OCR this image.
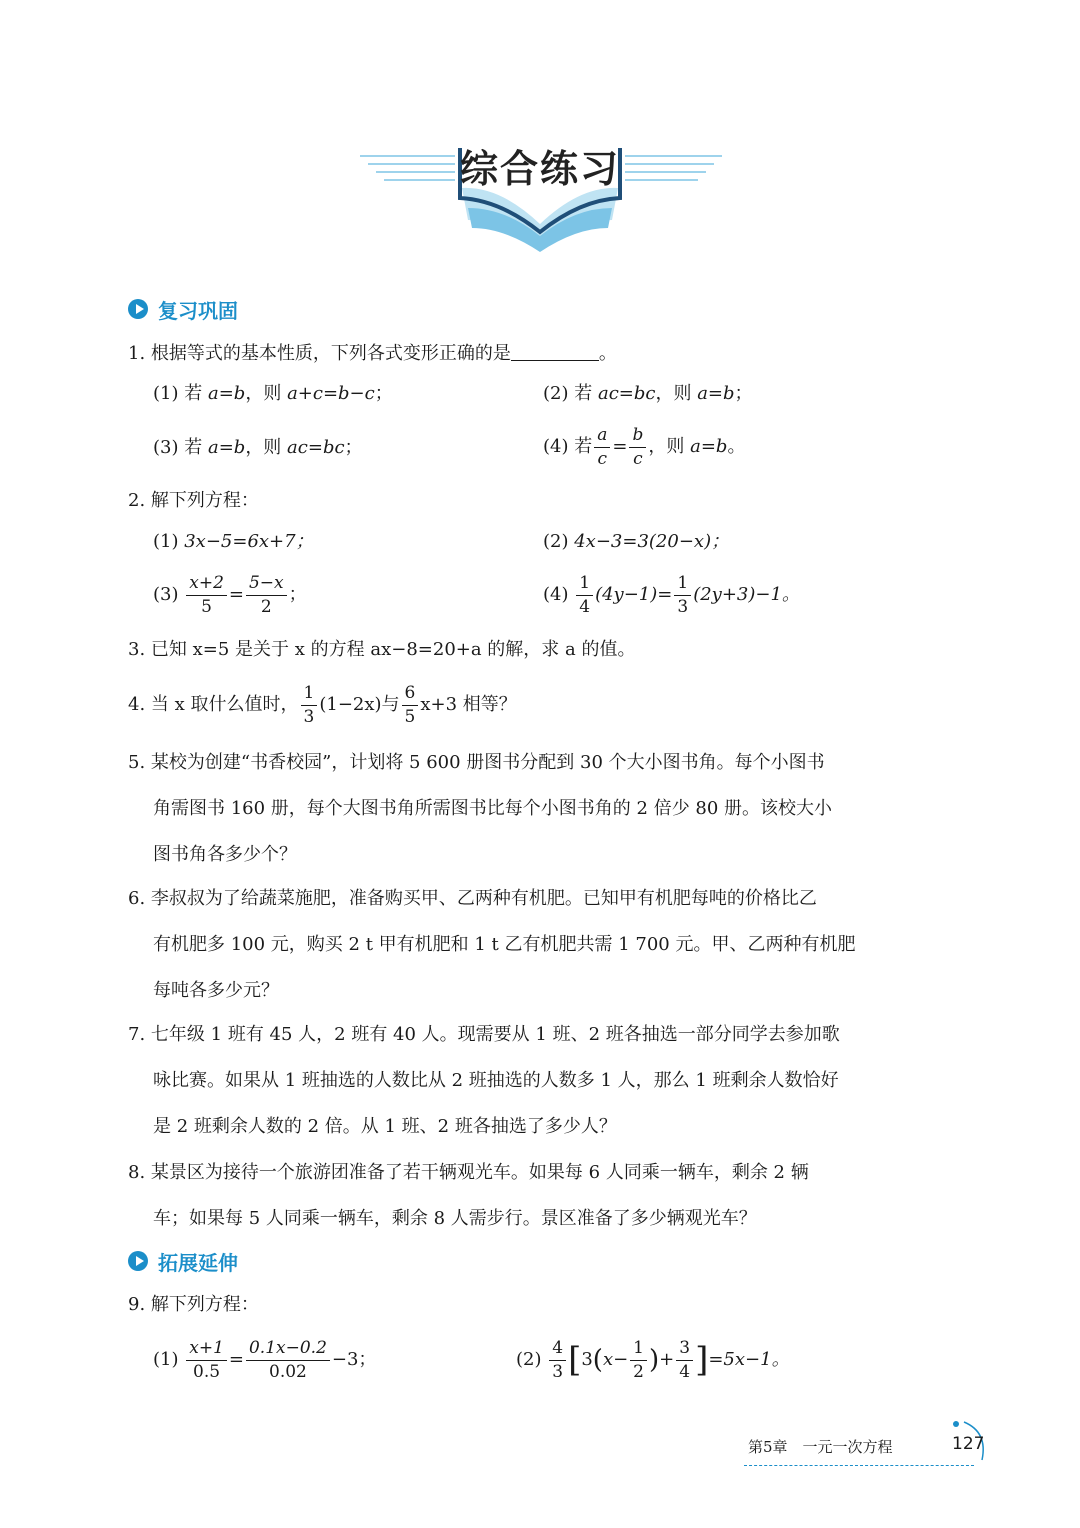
综合练习
复习巩固
1. 根据等式的基本性质，下列各式变形正确的是	。
(1) 若 a=b，则 a+c=b−c；	(2) 若 ac=bc，则 a=b；
(3) 若 a=b，则 ac=bc；	(4) 若 $\frac{a}{c} = \frac{b}{c}$ ，则 a=b。
2. 解下列方程：
(1) 3x−5=6x+7；	(2) 4x−3=3(20−x)；
$(3) \frac{x+2}{5} = \frac{5-x}{2}$ ；	$(4) \frac{1}{4} (4y-1)= \frac{1}{3} (2y+3)-1$。
3. 已知 x=5 是关于 x 的方程 ax−8=20+a 的解，求 a 的值。
4. 当 x 取什么值时， $\frac{1}{3} (1-2x)$与 $\frac{6}{5} x+3$ 相等？
5. 某校为创建“书香校园”，计划将 5 600 册图书分配到 30 个大小图书角。每个小图书
角需图书 160 册，每个大图书角所需图书比每个小图书角的 2 倍少 80 册。该校大小
图书角各多少个？
6. 李叔叔为了给蔬菜施肥，准备购买甲、乙两种有机肥。已知甲有机肥每吨的价格比乙
有机肥多 100 元，购买 2 t 甲有机肥和 1 t 乙有机肥共需 1 700 元。甲、乙两种有机肥
每吨各多少元？
7. 七年级 1 班有 45 人，2 班有 40 人。现需要从 1 班、2 班各抽选一部分同学去参加歌
咏比赛。如果从 1 班抽选的人数比从 2 班抽选的人数多 1 人，那么 1 班剩余人数恰好
是 2 班剩余人数的 2 倍。从 1 班、2 班各抽选了多少人？
8. 某景区为接待一个旅游团准备了若干辆观光车。如果每 6 人同乘一辆车，剩余 2 辆
车；如果每 5 人同乘一辆车，剩余 8 人需步行。景区准备了多少辆观光车？
拓展延伸
9. 解下列方程：
$(1) \frac{x+1}{0.5} = \frac{0.1x-0.2}{0.02} -3$；	$(2) \frac{4}{3} [3(x- \frac{1}{2}$ )+ $\frac{3}{4} ]=5x-1$。
第5章　一元一次方程	127
